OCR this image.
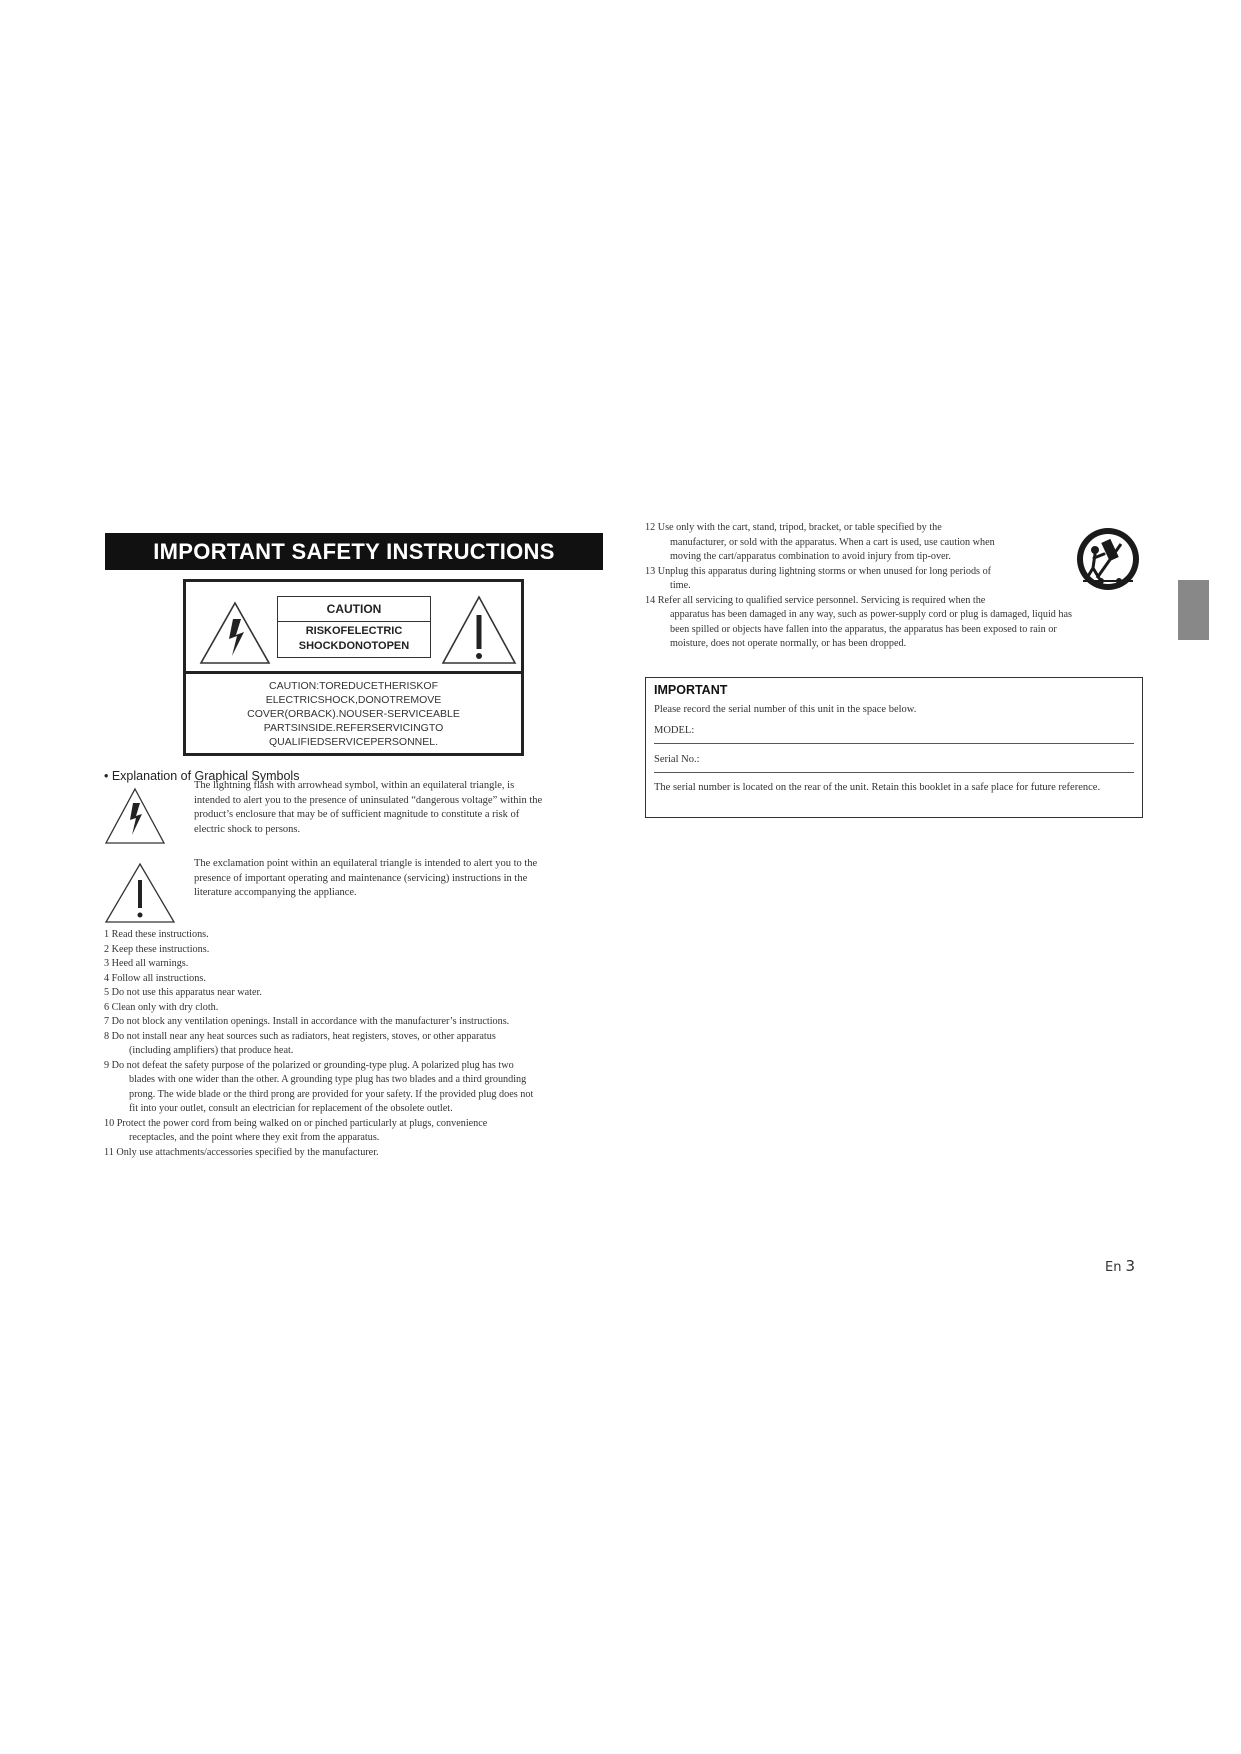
IMPORTANT SAFETY INSTRUCTIONS
CAUTION
RISKOFELECTRIC
SHOCKDONOTOPEN
CAUTION:TOREDUCETHERISKOF
ELECTRICSHOCK,DONOTREMOVE
COVER(ORBACK).NOUSER-SERVICEABLE
PARTSINSIDE.REFERSERVICINGTO
QUALIFIEDSERVICEPERSONNEL.
• Explanation of Graphical Symbols
The lightning flash with arrowhead symbol, within an equilateral triangle, is
intended to alert you to the presence of uninsulated “dangerous voltage” within the
product’s enclosure that may be of sufficient magnitude to constitute a risk of
electric shock to persons.
The exclamation point within an equilateral triangle is intended to alert you to the
presence of important operating and maintenance (servicing) instructions in the
literature accompanying the appliance.
1 Read these instructions.
2 Keep these instructions.
3 Heed all warnings.
4 Follow all instructions.
5 Do not use this apparatus near water.
6 Clean only with dry cloth.
7 Do not block any ventilation openings. Install in accordance with the manufacturer’s instructions.
8 Do not install near any heat sources such as radiators, heat registers, stoves, or other apparatus
(including amplifiers) that produce heat.
9 Do not defeat the safety purpose of the polarized or grounding-type plug. A polarized plug has two
blades with one wider than the other. A grounding type plug has two blades and a third grounding
prong. The wide blade or the third prong are provided for your safety. If the provided plug does not
fit into your outlet, consult an electrician for replacement of the obsolete outlet.
10 Protect the power cord from being walked on or pinched particularly at plugs, convenience
receptacles, and the point where they exit from the apparatus.
11 Only use attachments/accessories specified by the manufacturer.
12 Use only with the cart, stand, tripod, bracket, or table specified by the
manufacturer, or sold with the apparatus. When a cart is used, use caution when
moving the cart/apparatus combination to avoid injury from tip-over.
13 Unplug this apparatus during lightning storms or when unused for long periods of
time.
14 Refer all servicing to qualified service personnel. Servicing is required when the
apparatus has been damaged in any way, such as power-supply cord or plug is damaged, liquid has
been spilled or objects have fallen into the apparatus, the apparatus has been exposed to rain or
moisture, does not operate normally, or has been dropped.
IMPORTANT
Please record the serial number of this unit in the space below.
MODEL:
Serial No.:
The serial number is located on the rear of the unit. Retain this booklet in a safe place for future reference.
En 3
